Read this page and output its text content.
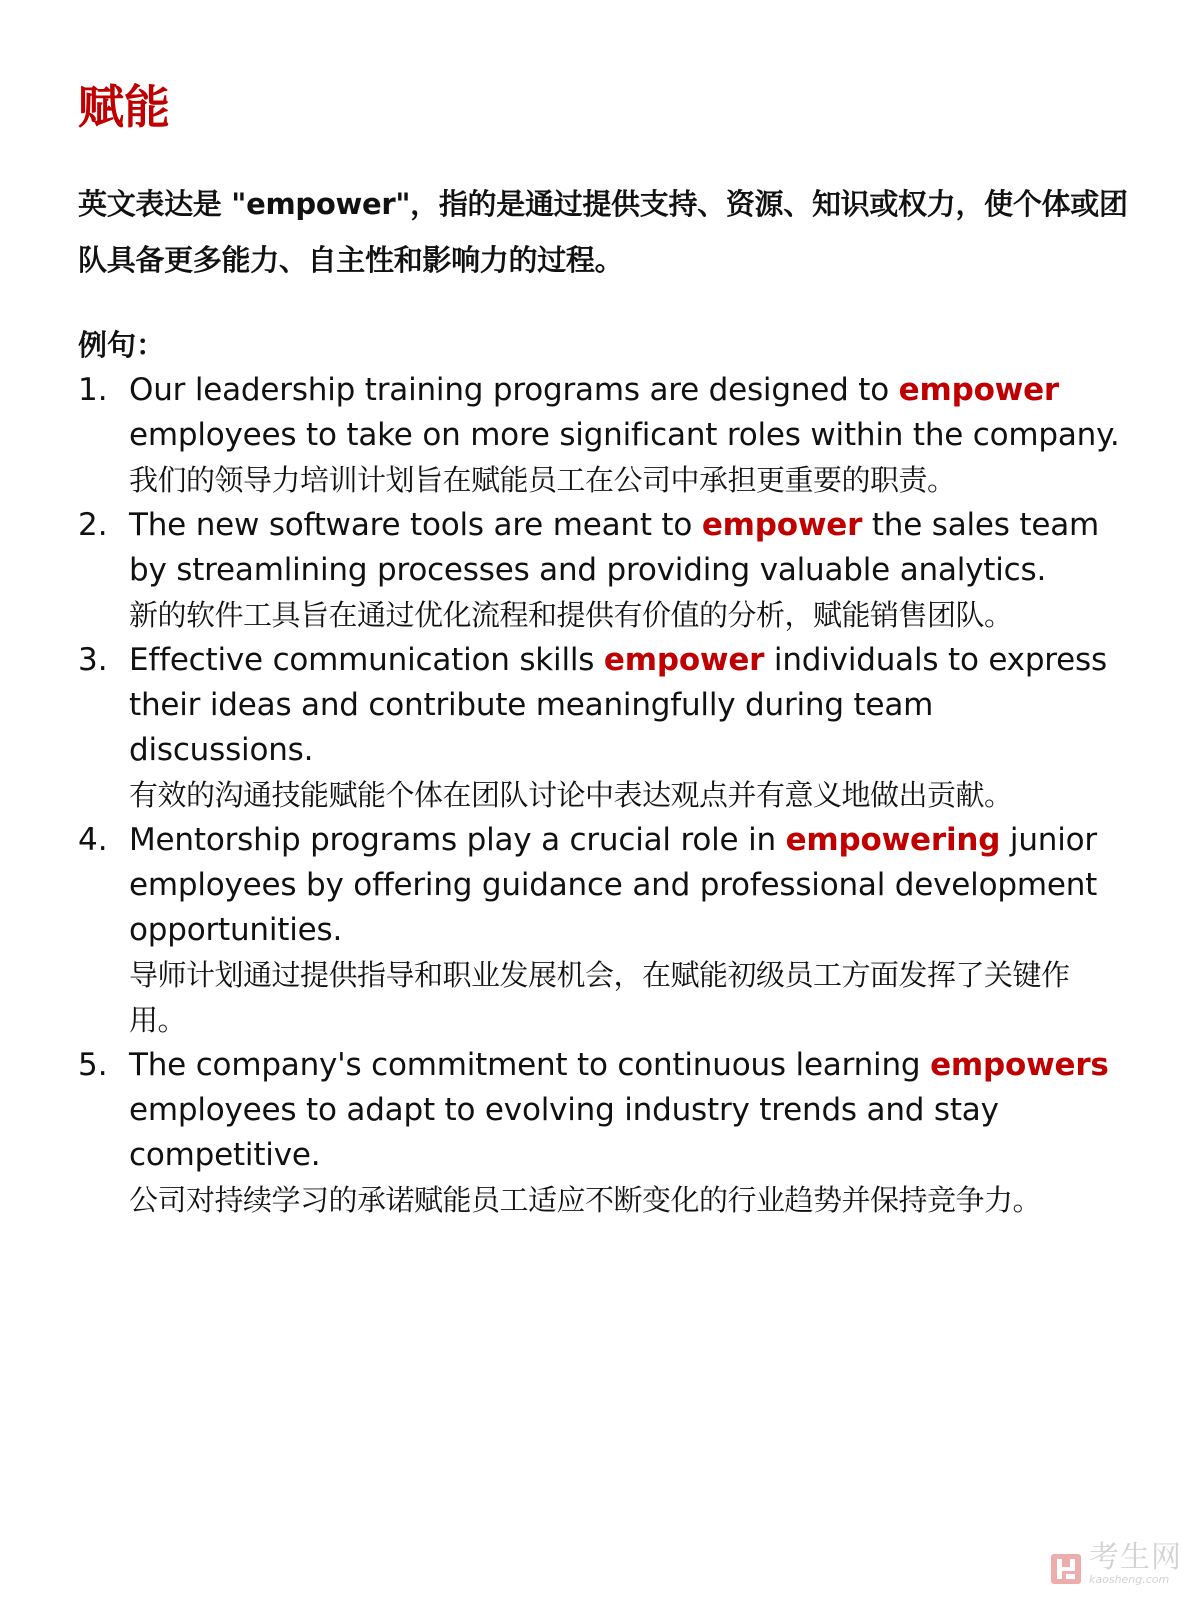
赋能

英文表达是 "empower"，指的是通过提供支持、资源、知识或权力，使个体或团队具备更多能力、自主性和影响力的过程。

例句：

1. Our leadership training programs are designed to empower employees to take on more significant roles within the company.

我们的领导力培训计划旨在赋能员工在公司中承担更重要的职责。

2. The new software tools are meant to empower the sales team by streamlining processes and providing valuable analytics.

新的软件工具旨在通过优化流程和提供有价值的分析，赋能销售团队。

3. Effective communication skills empower individuals to express their ideas and contribute meaningfully during team discussions.

有效的沟通技能赋能个体在团队讨论中表达观点并有意义地做出贡献。

4. Mentorship programs play a crucial role in empowering junior employees by offering guidance and professional development opportunities.

导师计划通过提供指导和职业发展机会，在赋能初级员工方面发挥了关键作用。

5. The company's commitment to continuous learning empowers employees to adapt to evolving industry trends and stay competitive.

公司对持续学习的承诺赋能员工适应不断变化的行业趋势并保持竞争力。

考生网
kaosheng.com
